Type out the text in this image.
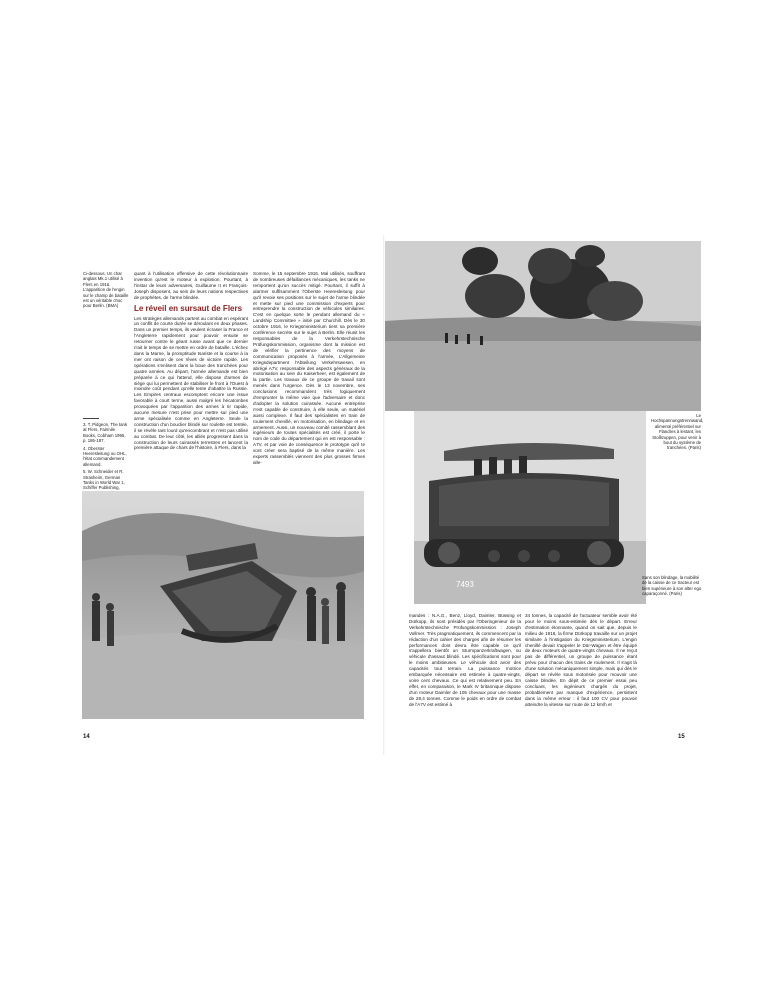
Ci-dessous, Un char anglais Mk.1 utilisé à Flers en 1916. L'apparition de l'engin sur le champ de bataille est un véritable choc pour Berlin. (BMA)

3. T. Pidgeon, The tank at Flers, Fairmile Books, Cobham 1995, p. 186-187.

4. Oberster Heeresleitung ou OHL, l'état commandement allemand.

5. W. Schneider et R. Strasheim, German Tanks in World War 1, Schiffer Publishing,

quant à l'utilisation offensive de cette révolutionnaire invention qu'est le moteur à explosion. Pourtant, à l'instar de leurs adversaires, Guillaume II et François-Joseph disposent, au sein de leurs nations respectives de prophètes, de l'arme blindée.

Le réveil en sursaut de Flers

Les stratèges allemands partent au combat en espérant un conflit de courte durée se déroulant en deux phases. Dans un premier temps, ils veulent écraser la France et l'Angleterre rapidement pour pouvoir ensuite se retourner contre le géant russe avant que ce dernier n'ait le temps de se mettre en ordre de bataille. L'échec dans la Marne, la promptitude tsariste et la course à la mer ont raison de ces rêves de victoire rapide. Les opérations s'enlisent dans la boue des tranchées pour quatre années. Au départ, l'armée allemande est bien préparée à ce qui l'attend, elle dispose d'armes de siège qui lui permettent de stabiliser le front à l'Ouest à moindre coût pendant qu'elle tente d'abattre la Russie. Les Empires centraux escomptent encore une issue favorable à court terme, aussi malgré les hécatombes provoquées par l'apparition des armes à tir rapide, aucune mesure n'est prise pour mettre sur pied une arme spécialisée comme en Angleterre. Seule la construction d'un bouclier blindé sur roulette est tentée, il se révèle tant lourd qu'encombrant et n'est pas utilisé au combat. De leur côté, les alliés progressent dans la construction de leurs cuirassés terrestres et lancent la première attaque de chars de l'histoire, à Flers, dans la

Somme, le 15 septembre 1916. Mal utilisés, souffrant de nombreuses défaillances mécaniques, les tanks ne remportent qu'un succès mitigé. Pourtant, il suffit à alarmer suffisamment l'Oberste Heeresleitung pour qu'il revoie ses positions sur le sujet de l'arme blindée et mette sur pied une commission d'experts pour entreprendre la construction de véhicules similaires. C'est en quelque sorte le pendant allemand du « Landship Committee » initié par Churchill. Dès le 30 octobre 1916, le Kriegsministerium tient sa première conférence secrète sur le sujet à Berlin. Elle réunit les responsables de la Verkehrstechnische Prüfungskommission, organisme dont la mission est de vérifier la pertinence des moyens de communication proposés à l'armée, L'Allgemeine Kriegsdepartment l'Abteilung Verkehrswesen, en abrégé A7V, responsable des aspects généraux de la motorisation au sein du Kaiserheer, est également de la partie. Les travaux de ce groupe de travail sont menés dans l'urgence. Dès le 13 novembre, ses conclusions recommandent très logiquement d'emprunter la même voie que l'adversaire et donc d'adopter la solution cuirassée. Aucune entreprise n'est capable de construire, à elle seule, un matériel aussi complexe. Il faut des spécialistes en train de roulement chenillé, en motorisation, en blindage et en armement. Aussi, un nouveau comité rassemblant des ingénieurs de toutes spécialités est créé, il porte le nom de code du département qui en est responsable : A7V, et par voie de conséquence le prototype qu'il te vont créer sera baptisé de la même manière. Les experts rassemblés viennent des plus grosses firmes alle-

14
Le Hochspannungstrennwand, alimenté préférentiel sur Flandres à lestant, les Stoßtruppen, pour venir à bout du système de tranchées. (Paris)
7493
Sans son blindage, la mobilité de la caisse de ce tracteur est bien supérieure à son alter ego caparaçonné. (Paris)

mandes : N.A.G., Benz, Lloyd, Daimler, Büssing et Dürkopp, ils sont présidés par l'Oberingenieur de la Verkehrstechnische Prüfungskommission : Joseph Vollmer. Très pragmatiquement, ils commencent par la rédaction d'un cahier des charges afin de résumer les performances dont devra être capable ce qu'il s'appellera bientôt un Sturmpanzerkraftwagen, ou véhicule d'assaut blindé. Les spécifications sont pour le moins ambitieuses. Le véhicule doit avoir des capacités tout terrain. La puissance motrice embarquée nécessaire est estimée à quatre-vingts, voire cent chevaux. Ce qui est relativement peu. En effet, en comparaison, le Mark IV britannique dispose d'un moteur Daimler de 105 chevaux pour une masse de 28,4 tonnes. Comme le poids en ordre de combat de l'A7V est estimé à

34 tonnes, la capacité de l'actuateur semble avoir été pour le moins sous-estimée dès le départ. Erreur d'estimation étonnante, quand on sait que, depuis le milieu de 1916, la firme Dürkopp travaille sur un projet similaire à l'instigation du Kriegsministerium. L'engin chenillé devait s'appeler le Dür-Wagen et être équipé de deux moteurs de quatre-vingts chevaux. Il ne reçut pas de différentiel, un groupe de puissance étant prévu pour chacun des trains de roulement. Il s'agit là d'une solution mécaniquement simple, mais qui dès le départ se révèle sous motorisée pour mouvoir une caisse blindée. En dépit de ce premier essai peu concluant, les ingénieurs chargés du projet, probablement par manque d'expérience, persistent dans la même erreur : il faut 100 CV pour pouvoir atteindre la vitesse sur route de 12 km/h et

15
